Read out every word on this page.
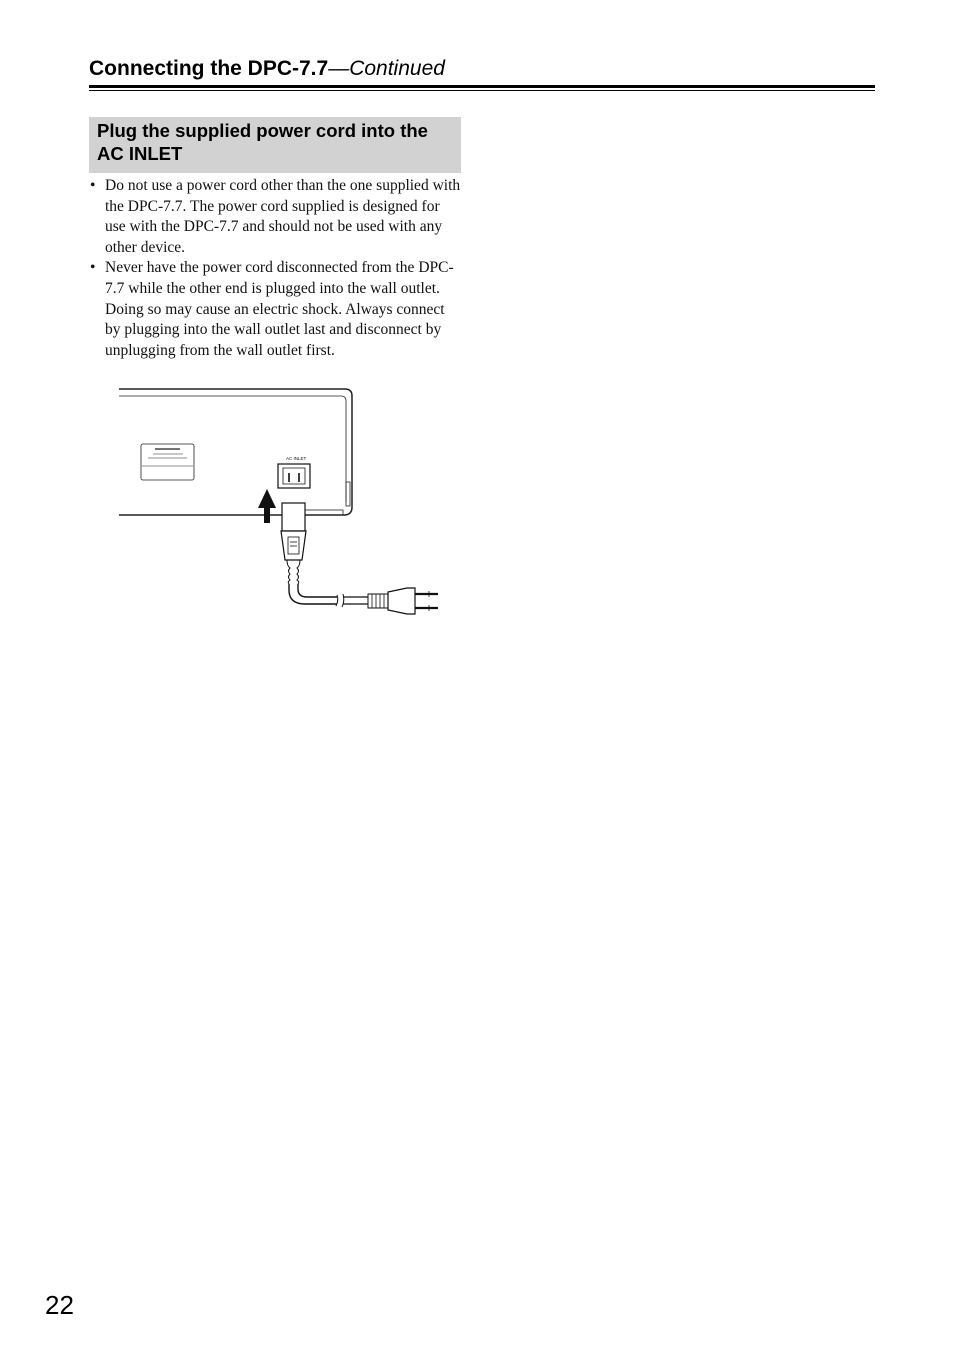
Connecting the DPC-7.7—Continued
Plug the supplied power cord into the
AC INLET
• Do not use a power cord other than the one supplied with the DPC-7.7. The power cord supplied is designed for use with the DPC-7.7 and should not be used with any other device.
• Never have the power cord disconnected from the DPC-7.7 while the other end is plugged into the wall outlet. Doing so may cause an electric shock. Always connect by plugging into the wall outlet last and disconnect by unplugging from the wall outlet first.
AC INLET
22
